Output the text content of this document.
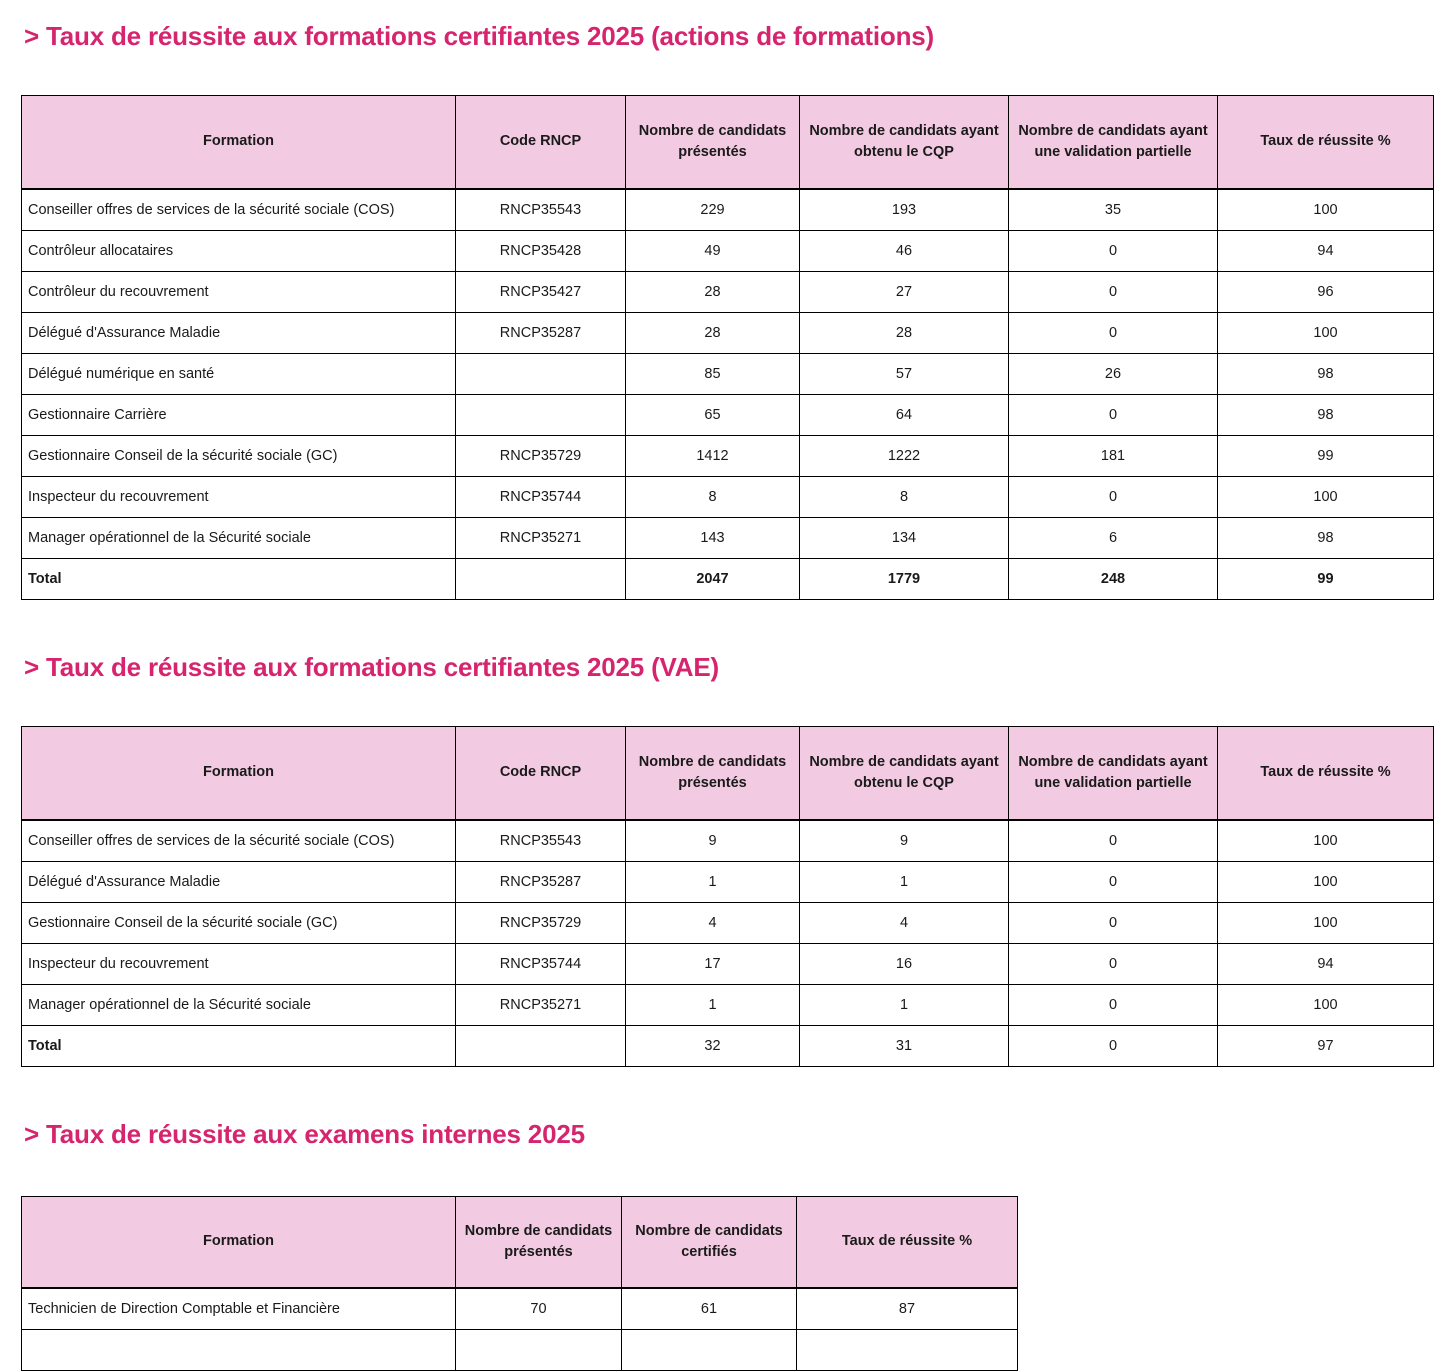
> Taux de réussite aux formations certifiantes 2025 (actions de formations)
Formation	Code RNCP	Nombre de candidats présentés	Nombre de candidats ayant obtenu le CQP	Nombre de candidats ayant une validation partielle	Taux de réussite %
Conseiller offres de services de la sécurité sociale (COS)	RNCP35543	229	193	35	100
Contrôleur allocataires	RNCP35428	49	46	0	94
Contrôleur du recouvrement	RNCP35427	28	27	0	96
Délégué d'Assurance Maladie	RNCP35287	28	28	0	100
Délégué numérique en santé		85	57	26	98
Gestionnaire Carrière		65	64	0	98
Gestionnaire Conseil de la sécurité sociale (GC)	RNCP35729	1412	1222	181	99
Inspecteur du recouvrement	RNCP35744	8	8	0	100
Manager opérationnel de la Sécurité sociale	RNCP35271	143	134	6	98
Total		2047	1779	248	99
> Taux de réussite aux formations certifiantes 2025 (VAE)
Formation	Code RNCP	Nombre de candidats présentés	Nombre de candidats ayant obtenu le CQP	Nombre de candidats ayant une validation partielle	Taux de réussite %
Conseiller offres de services de la sécurité sociale (COS)	RNCP35543	9	9	0	100
Délégué d'Assurance Maladie	RNCP35287	1	1	0	100
Gestionnaire Conseil de la sécurité sociale (GC)	RNCP35729	4	4	0	100
Inspecteur du recouvrement	RNCP35744	17	16	0	94
Manager opérationnel de la Sécurité sociale	RNCP35271	1	1	0	100
Total		32	31	0	97
> Taux de réussite aux examens internes 2025
Formation	Nombre de candidats présentés	Nombre de candidats certifiés	Taux de réussite %
Technicien de Direction Comptable et Financière	70	61	87
